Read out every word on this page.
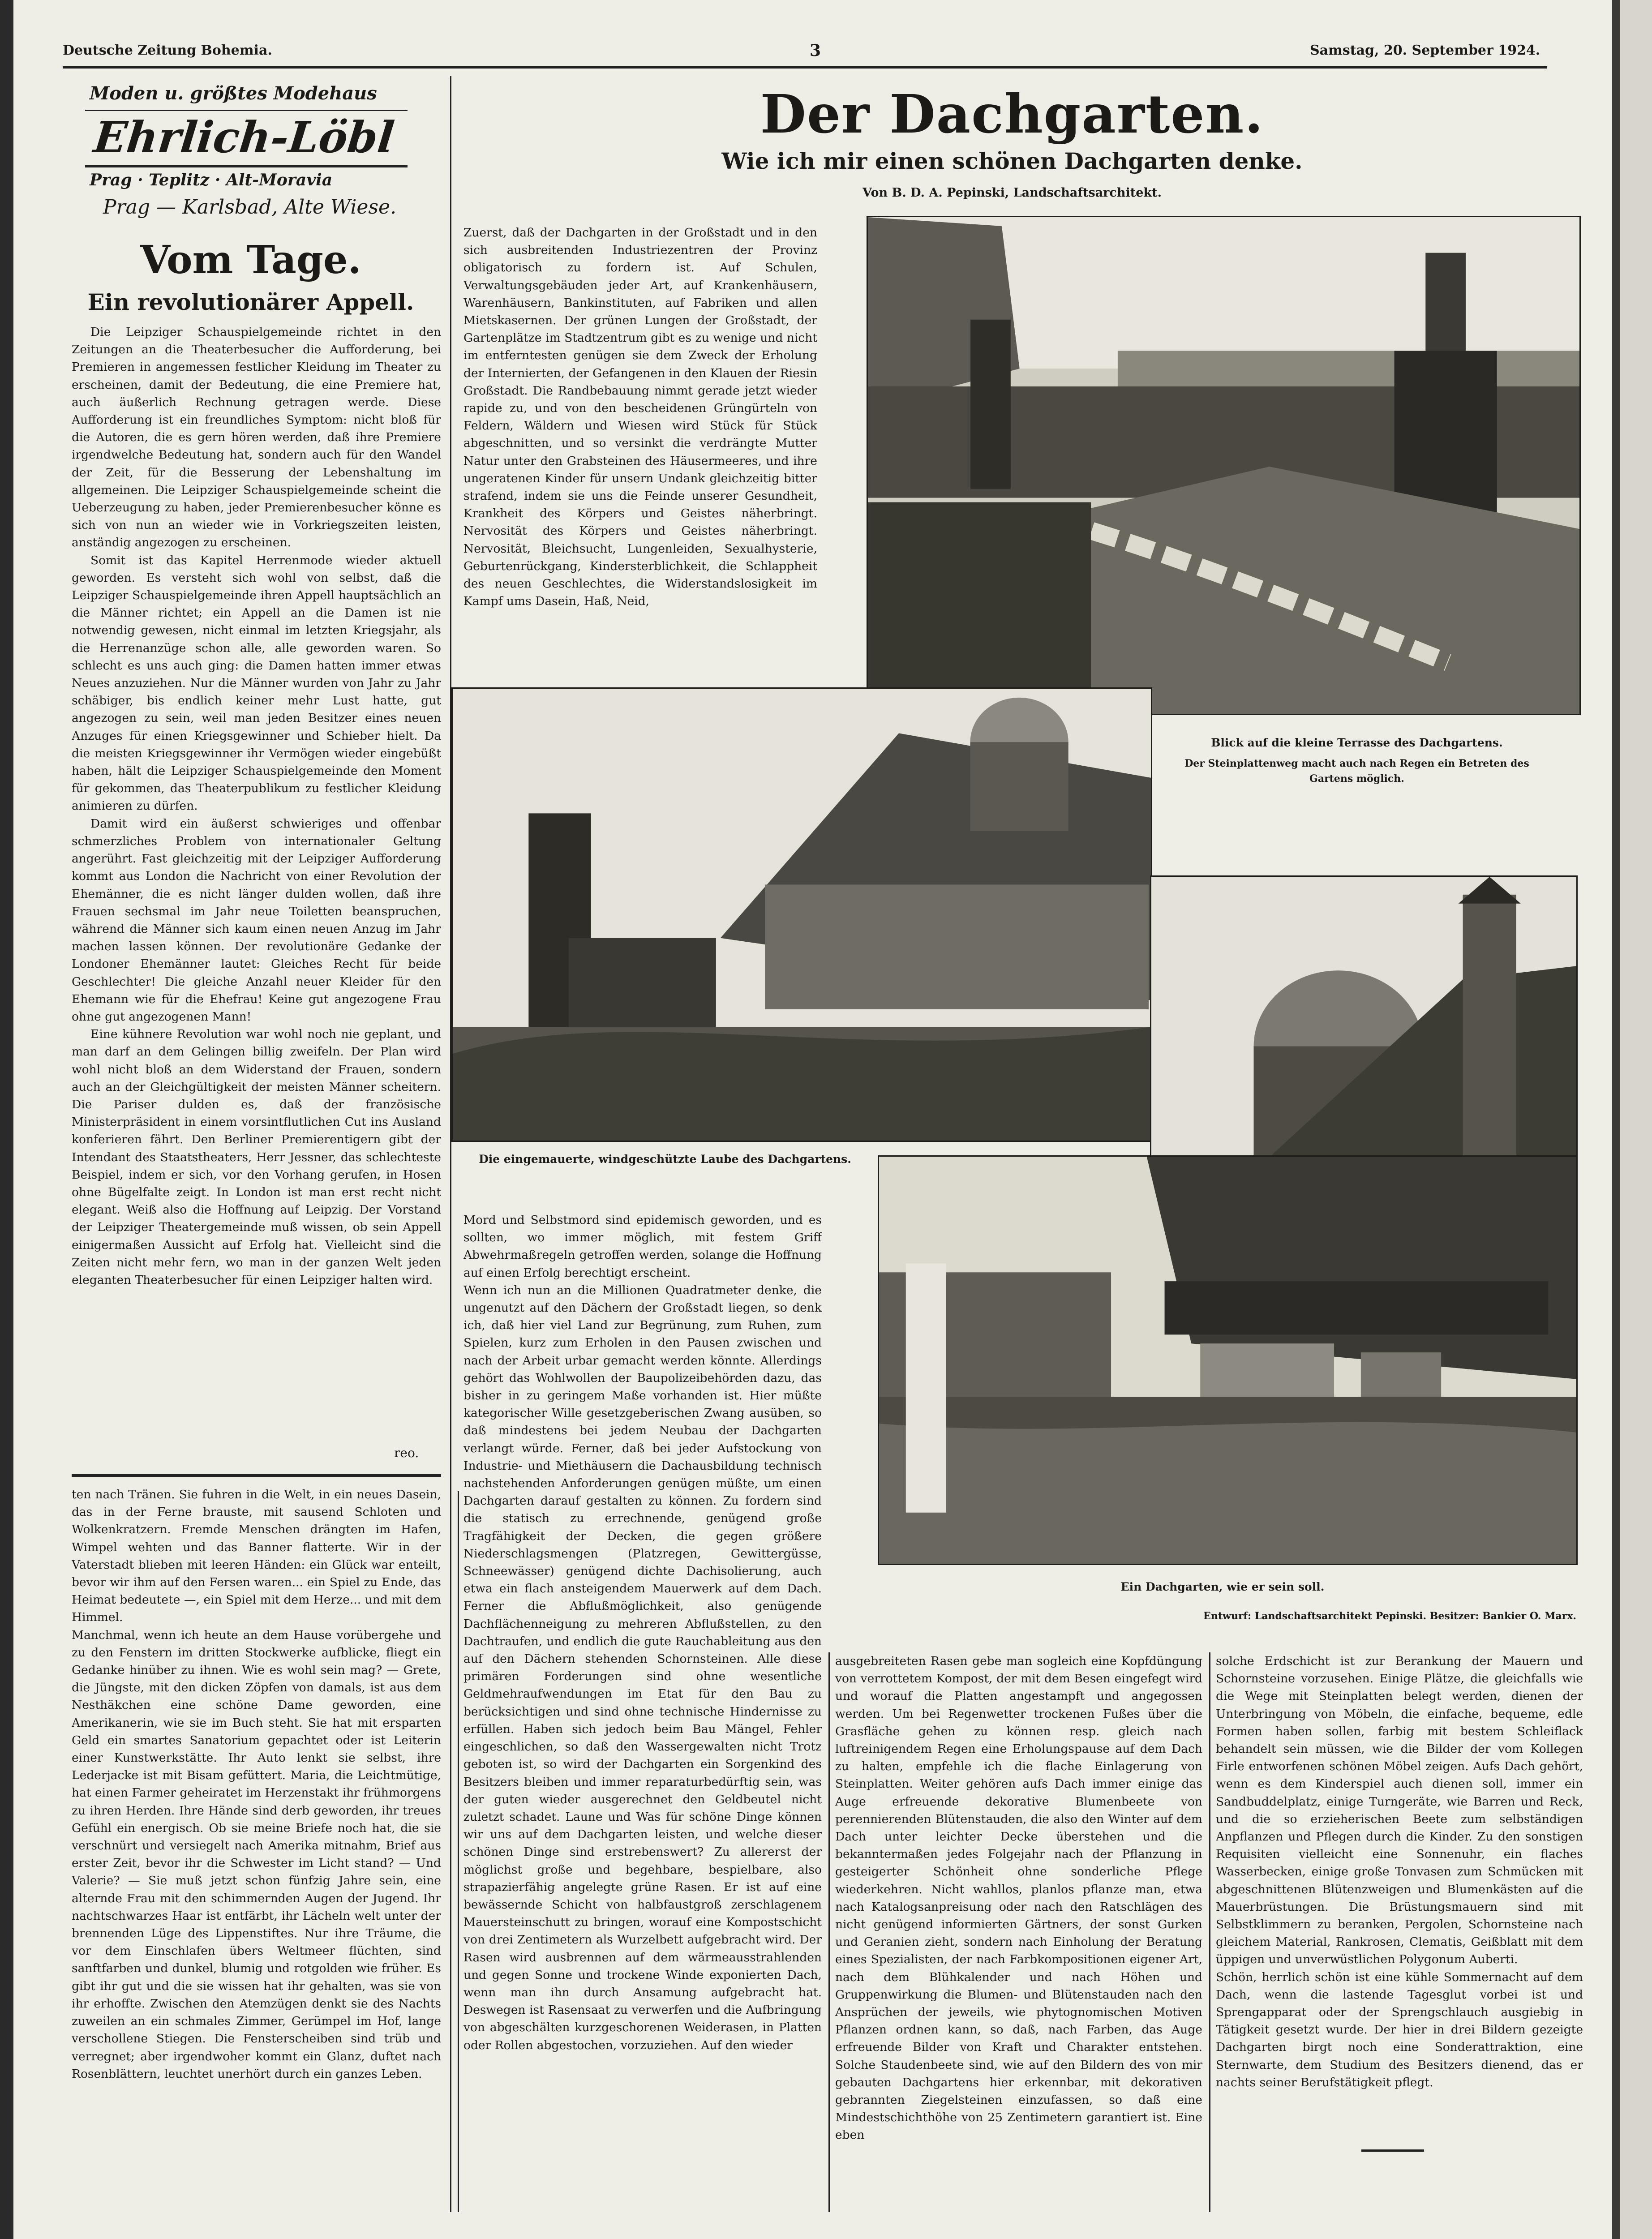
Deutsche Zeitung Bohemia.	3	Samstag, 20. September 1924.
Moden u. größtes Modehaus
Ehrlich-Löbl
Prag · Teplitz · Alt-Moravia
Prag — Karlsbad, Alte Wiese.
Vom Tage.
Ein revolutionärer Appell.

Die Leipziger Schauspielgemeinde richtet in den Zeitungen an die Theaterbesucher die Aufforderung, bei Premieren in angemessen festlicher Kleidung im Theater zu erscheinen, damit der Bedeutung, die eine Premiere hat, auch äußerlich Rechnung getragen werde. Diese Aufforderung ist ein freundliches Symptom: nicht bloß für die Autoren, die es gern hören werden, daß ihre Premiere irgendwelche Bedeutung hat, sondern auch für den Wandel der Zeit, für die Besserung der Lebenshaltung im allgemeinen. Die Leipziger Schauspielgemeinde scheint die Ueberzeugung zu haben, jeder Premierenbesucher könne es sich von nun an wieder wie in Vorkriegszeiten leisten, anständig angezogen zu erscheinen.

Somit ist das Kapitel Herrenmode wieder aktuell geworden. Es versteht sich wohl von selbst, daß die Leipziger Schauspielgemeinde ihren Appell hauptsächlich an die Männer richtet; ein Appell an die Damen ist nie notwendig gewesen, nicht einmal im letzten Kriegsjahr, als die Herrenanzüge schon alle, alle geworden waren. So schlecht es uns auch ging: die Damen hatten immer etwas Neues anzuziehen. Nur die Männer wurden von Jahr zu Jahr schäbiger, bis endlich keiner mehr Lust hatte, gut angezogen zu sein, weil man jeden Besitzer eines neuen Anzuges für einen Kriegsgewinner und Schieber hielt. Da die meisten Kriegsgewinner ihr Vermögen wieder eingebüßt haben, hält die Leipziger Schauspielgemeinde den Moment für gekommen, das Theaterpublikum zu festlicher Kleidung animieren zu dürfen.

Damit wird ein äußerst schwieriges und offenbar schmerzliches Problem von internationaler Geltung angerührt. Fast gleichzeitig mit der Leipziger Aufforderung kommt aus London die Nachricht von einer Revolution der Ehemänner, die es nicht länger dulden wollen, daß ihre Frauen sechsmal im Jahr neue Toiletten beanspruchen, während die Männer sich kaum einen neuen Anzug im Jahr machen lassen können. Der revolutionäre Gedanke der Londoner Ehemänner lautet: Gleiches Recht für beide Geschlechter! Die gleiche Anzahl neuer Kleider für den Ehemann wie für die Ehefrau! Keine gut angezogene Frau ohne gut angezogenen Mann!

Eine kühnere Revolution war wohl noch nie geplant, und man darf an dem Gelingen billig zweifeln. Der Plan wird wohl nicht bloß an dem Widerstand der Frauen, sondern auch an der Gleichgültigkeit der meisten Männer scheitern. Die Pariser dulden es, daß der französische Ministerpräsident in einem vorsintflutlichen Cut ins Ausland konferieren fährt. Den Berliner Premierentigern gibt der Intendant des Staatstheaters, Herr Jessner, das schlechteste Beispiel, indem er sich, vor den Vorhang gerufen, in Hosen ohne Bügelfalte zeigt. In London ist man erst recht nicht elegant. Weiß also die Hoffnung auf Leipzig. Der Vorstand der Leipziger Theatergemeinde muß wissen, ob sein Appell einigermaßen Aussicht auf Erfolg hat. Vielleicht sind die Zeiten nicht mehr fern, wo man in der ganzen Welt jeden eleganten Theaterbesucher für einen Leipziger halten wird.

reo.
ten nach Tränen. Sie fuhren in die Welt, in ein neues Dasein, das in der Ferne brauste, mit sausend Schloten und Wolkenkratzern. Fremde Menschen drängten im Hafen, Wimpel wehten und das Banner flatterte. Wir in der Vaterstadt blieben mit leeren Händen: ein Glück war enteilt, bevor wir ihm auf den Fersen waren... ein Spiel zu Ende, das Heimat bedeutete —, ein Spiel mit dem Herze... und mit dem Himmel.
Manchmal, wenn ich heute an dem Hause vorübergehe und zu den Fenstern im dritten Stockwerke aufblicke, fliegt ein Gedanke hinüber zu ihnen. Wie es wohl sein mag? — Grete, die Jüngste, mit den dicken Zöpfen von damals, ist aus dem Nesthäkchen eine schöne Dame geworden, eine Amerikanerin, wie sie im Buch steht. Sie hat mit ersparten Geld ein smartes Sanatorium gepachtet oder ist Leiterin einer Kunstwerkstätte. Ihr Auto lenkt sie selbst, ihre Lederjacke ist mit Bisam gefüttert. Maria, die Leichtmütige, hat einen Farmer geheiratet im Herzenstakt ihr frühmorgens zu ihren Herden. Ihre Hände sind derb geworden, ihr treues Gefühl ein energisch. Ob sie meine Briefe noch hat, die sie verschnürt und versiegelt nach Amerika mitnahm, Brief aus erster Zeit, bevor ihr die Schwester im Licht stand? — Und Valerie? — Sie muß jetzt schon fünfzig Jahre sein, eine alternde Frau mit den schimmernden Augen der Jugend. Ihr nachtschwarzes Haar ist entfärbt, ihr Lächeln welt unter der brennenden Lüge des Lippenstiftes. Nur ihre Träume, die vor dem Einschlafen übers Weltmeer flüchten, sind sanftfarben und dunkel, blumig und rotgolden wie früher. Es gibt ihr gut und die sie wissen hat ihr gehalten, was sie von ihr erhoffte. Zwischen den Atemzügen denkt sie des Nachts zuweilen an ein schmales Zimmer, Gerümpel im Hof, lange verschollene Stiegen. Die Fensterscheiben sind trüb und verregnet; aber irgendwoher kommt ein Glanz, duftet nach Rosenblättern, leuchtet unerhört durch ein ganzes Leben.
Der Dachgarten.
Wie ich mir einen schönen Dachgarten denke.
Von B. D. A. Pepinski, Landschaftsarchitekt.
Zuerst, daß der Dachgarten in der Großstadt und in den sich ausbreitenden Industriezentren der Provinz obligatorisch zu fordern ist. Auf Schulen, Verwaltungsgebäuden jeder Art, auf Krankenhäusern, Warenhäusern, Bankinstituten, auf Fabriken und allen Mietskasernen. Der grünen Lungen der Großstadt, der Gartenplätze im Stadtzentrum gibt es zu wenige und nicht im entferntesten genügen sie dem Zweck der Erholung der Internierten, der Gefangenen in den Klauen der Riesin Großstadt. Die Randbebauung nimmt gerade jetzt wieder rapide zu, und von den bescheidenen Grüngürteln von Feldern, Wäldern und Wiesen wird Stück für Stück abgeschnitten, und so versinkt die verdrängte Mutter Natur unter den Grabsteinen des Häusermeeres, und ihre ungeratenen Kinder für unsern Undank gleichzeitig bitter strafend, indem sie uns die Feinde unserer Gesundheit, Krankheit des Körpers und Geistes näherbringt. Nervosität des Körpers und Geistes näherbringt. Nervosität, Bleichsucht, Lungenleiden, Sexualhysterie, Geburtenrückgang, Kindersterblichkeit, die Schlappheit des neuen Geschlechtes, die Widerstandslosigkeit im Kampf ums Dasein, Haß, Neid,
Blick auf die kleine Terrasse des Dachgartens.
Der Steinplattenweg macht auch nach Regen ein Betreten des Gartens möglich.
Die eingemauerte, windgeschützte Laube des Dachgartens.
Mord und Selbstmord sind epidemisch geworden, und es sollten, wo immer möglich, mit festem Griff Abwehrmaßregeln getroffen werden, solange die Hoffnung auf einen Erfolg berechtigt erscheint.
Wenn ich nun an die Millionen Quadratmeter denke, die ungenutzt auf den Dächern der Großstadt liegen, so denk ich, daß hier viel Land zur Begrünung, zum Ruhen, zum Spielen, kurz zum Erholen in den Pausen zwischen und nach der Arbeit urbar gemacht werden könnte. Allerdings gehört das Wohlwollen der Baupolizeibehörden dazu, das bisher in zu geringem Maße vorhanden ist. Hier müßte kategorischer Wille gesetzgeberischen Zwang ausüben, so daß mindestens bei jedem Neubau der Dachgarten verlangt würde. Ferner, daß bei jeder Aufstockung von Industrie- und Miethäusern die Dachausbildung technisch nachstehenden Anforderungen genügen müßte, um einen Dachgarten darauf gestalten zu können. Zu fordern sind die statisch zu errechnende, genügend große Tragfähigkeit der Decken, die gegen größere Niederschlagsmengen (Platzregen, Gewittergüsse, Schneewässer) genügend dichte Dachisolierung, auch etwa ein flach ansteigendem Mauerwerk auf dem Dach. Ferner die Abflußmöglichkeit, also genügende Dachflächenneigung zu mehreren Abflußstellen, zu den Dachtraufen, und endlich die gute Rauchableitung aus den auf den Dächern stehenden Schornsteinen. Alle diese primären Forderungen sind ohne wesentliche Geldmehraufwendungen im Etat für den Bau zu berücksichtigen und sind ohne technische Hindernisse zu erfüllen. Haben sich jedoch beim Bau Mängel, Fehler eingeschlichen, so daß den Wassergewalten nicht Trotz geboten ist, so wird der Dachgarten ein Sorgenkind des Besitzers bleiben und immer reparaturbedürftig sein, was der guten wieder ausgerechnet den Geldbeutel nicht zuletzt schadet. Laune und Was für schöne Dinge können wir uns auf dem Dachgarten leisten, und welche dieser schönen Dinge sind erstrebenswert? Zu allererst der möglichst große und begehbare, bespielbare, also strapazierfähig angelegte grüne Rasen. Er ist auf eine bewässernde Schicht von halbfaustgroß zerschlagenem Mauersteinschutt zu bringen, worauf eine Kompostschicht von drei Zentimetern als Wurzelbett aufgebracht wird. Der Rasen wird ausbrennen auf dem wärmeausstrahlenden und gegen Sonne und trockene Winde exponierten Dach, wenn man ihn durch Ansamung aufgebracht hat. Deswegen ist Rasensaat zu verwerfen und die Aufbringung von abgeschälten kurzgeschorenen Weiderasen, in Platten oder Rollen abgestochen, vorzuziehen. Auf den wieder
Ein Dachgarten, wie er sein soll.
Entwurf: Landschaftsarchitekt Pepinski. Besitzer: Bankier O. Marx.
ausgebreiteten Rasen gebe man sogleich eine Kopfdüngung von verrottetem Kompost, der mit dem Besen eingefegt wird und worauf die Platten angestampft und angegossen werden. Um bei Regenwetter trockenen Fußes über die Grasfläche gehen zu können resp. gleich nach luftreinigendem Regen eine Erholungspause auf dem Dach zu halten, empfehle ich die flache Einlagerung von Steinplatten. Weiter gehören aufs Dach immer einige das Auge erfreuende dekorative Blumenbeete von perennierenden Blütenstauden, die also den Winter auf dem Dach unter leichter Decke überstehen und die bekanntermaßen jedes Folgejahr nach der Pflanzung in gesteigerter Schönheit ohne sonderliche Pflege wiederkehren. Nicht wahllos, planlos pflanze man, etwa nach Katalogsanpreisung oder nach den Ratschlägen des nicht genügend informierten Gärtners, der sonst Gurken und Geranien zieht, sondern nach Einholung der Beratung eines Spezialisten, der nach Farbkompositionen eigener Art, nach dem Blühkalender und nach Höhen und Gruppenwirkung die Blumen- und Blütenstauden nach den Ansprüchen der jeweils, wie phytognomischen Motiven Pflanzen ordnen kann, so daß, nach Farben, das Auge erfreuende Bilder von Kraft und Charakter entstehen. Solche Staudenbeete sind, wie auf den Bildern des von mir gebauten Dachgartens hier erkennbar, mit dekorativen gebrannten Ziegelsteinen einzufassen, so daß eine Mindestschichthöhe von 25 Zentimetern garantiert ist. Eine eben
solche Erdschicht ist zur Berankung der Mauern und Schornsteine vorzusehen. Einige Plätze, die gleichfalls wie die Wege mit Steinplatten belegt werden, dienen der Unterbringung von Möbeln, die einfache, bequeme, edle Formen haben sollen, farbig mit bestem Schleiflack behandelt sein müssen, wie die Bilder der vom Kollegen Firle entworfenen schönen Möbel zeigen. Aufs Dach gehört, wenn es dem Kinderspiel auch dienen soll, immer ein Sandbuddelplatz, einige Turngeräte, wie Barren und Reck, und die so erzieherischen Beete zum selbständigen Anpflanzen und Pflegen durch die Kinder. Zu den sonstigen Requisiten vielleicht eine Sonnenuhr, ein flaches Wasserbecken, einige große Tonvasen zum Schmücken mit abgeschnittenen Blütenzweigen und Blumenkästen auf die Mauerbrüstungen. Die Brüstungsmauern sind mit Selbstklimmern zu beranken, Pergolen, Schornsteine nach gleichem Material, Rankrosen, Clematis, Geißblatt mit dem üppigen und unverwüstlichen Polygonum Auberti.
Schön, herrlich schön ist eine kühle Sommernacht auf dem Dach, wenn die lastende Tagesglut vorbei ist und Sprengapparat oder der Sprengschlauch ausgiebig in Tätigkeit gesetzt wurde. Der hier in drei Bildern gezeigte Dachgarten birgt noch eine Sonderattraktion, eine Sternwarte, dem Studium des Besitzers dienend, das er nachts seiner Berufstätigkeit pflegt.
